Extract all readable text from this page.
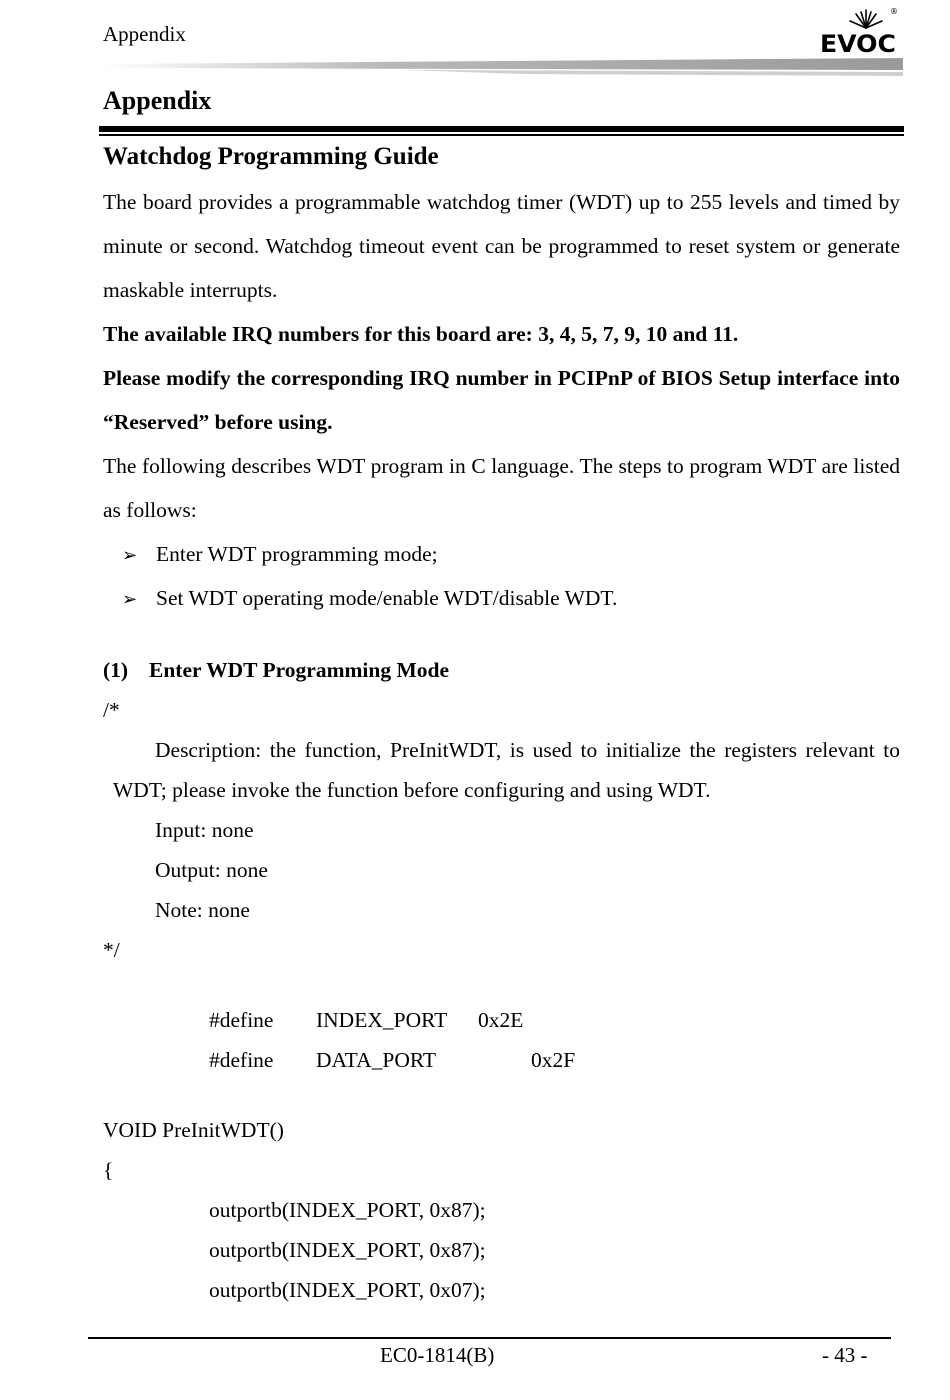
Appendix	EVOC
®
Appendix
Watchdog Programming Guide

The board provides a programmable watchdog timer (WDT) up to 255 levels and timed by minute or second. Watchdog timeout event can be programmed to reset system or generate maskable interrupts.

The available IRQ numbers for this board are: 3, 4, 5, 7, 9, 10 and 11.

Please modify the corresponding IRQ number in PCIPnP of BIOS Setup interface into “Reserved” before using.

The following describes WDT program in C language. The steps to program WDT are listed as follows:

➢ Enter WDT programming mode;
➢ Set WDT operating mode/enable WDT/disable WDT.
(1) Enter WDT Programming Mode
/*

Description: the function, PreInitWDT, is used to initialize the registers relevant to WDT; please invoke the function before configuring and using WDT.

Input: none
Output: none
Note: none
*/
#define INDEX_PORT 0x2E
#define DATA_PORT	0x2F
VOID PreInitWDT()
{
outportb(INDEX_PORT, 0x87);
outportb(INDEX_PORT, 0x87);
outportb(INDEX_PORT, 0x07);
EC0-1814(B)	- 43 -
